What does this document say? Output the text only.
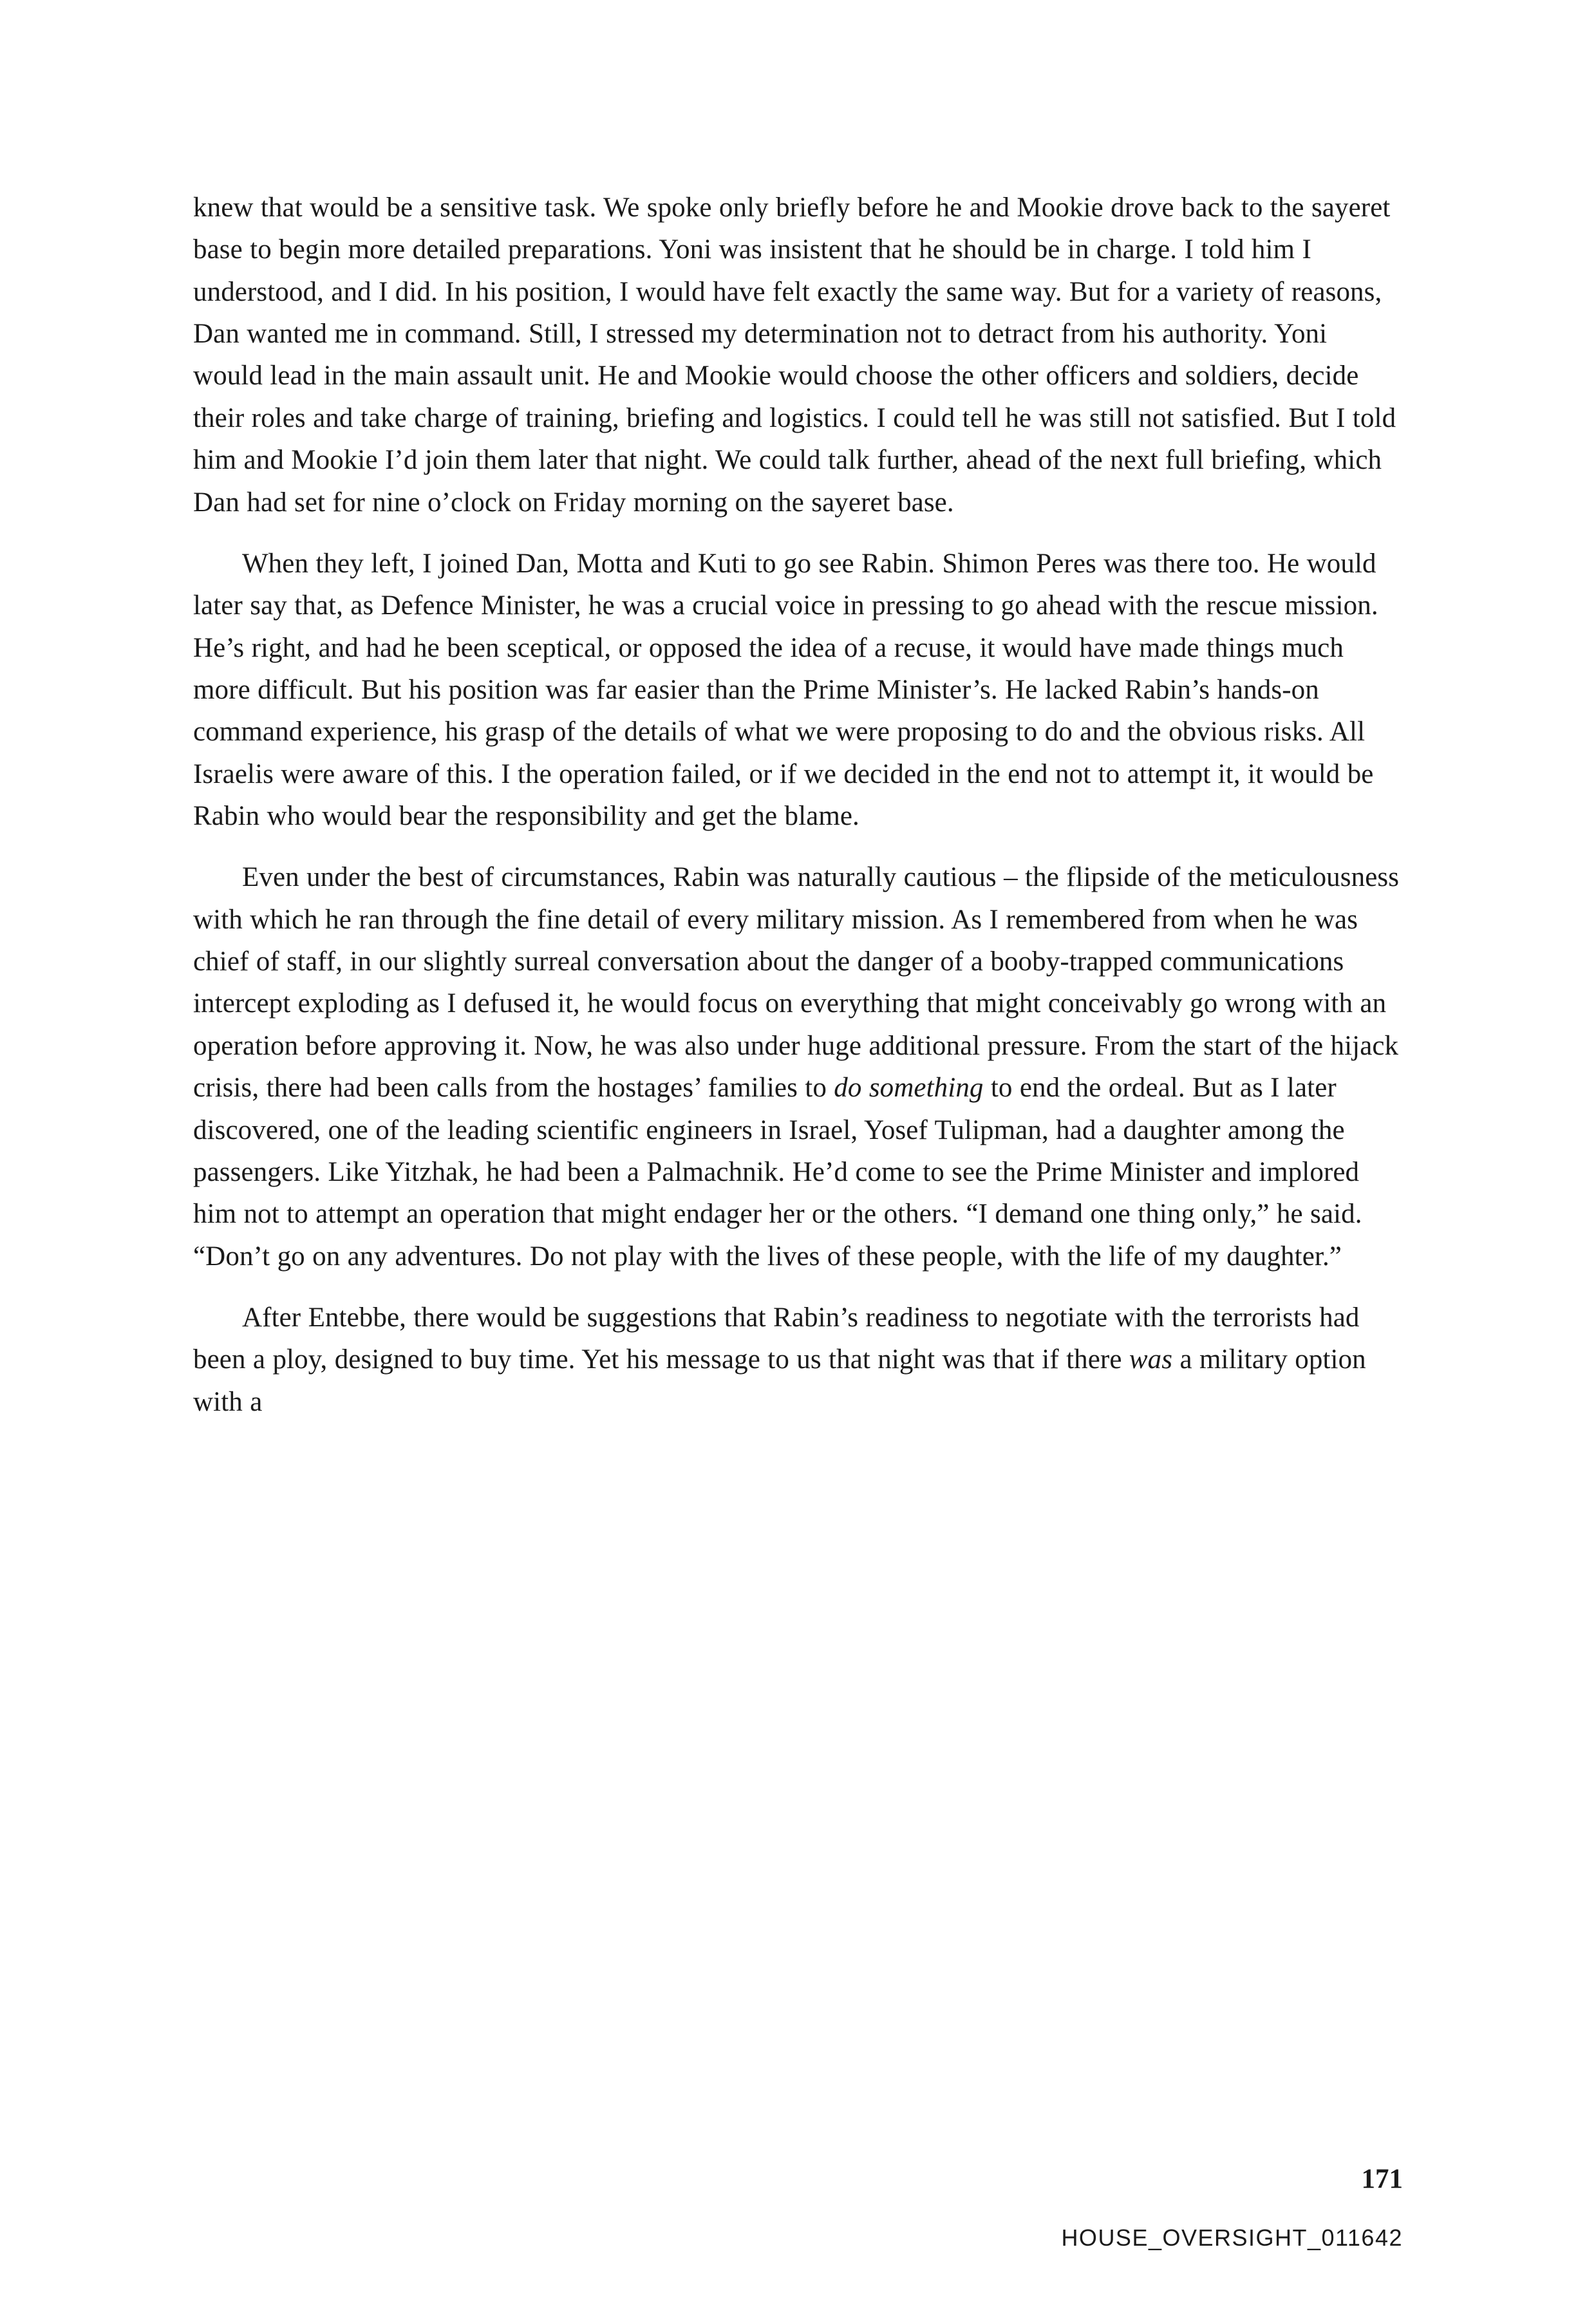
knew that would be a sensitive task. We spoke only briefly before he and Mookie drove back to the sayeret base to begin more detailed preparations. Yoni was insistent that he should be in charge. I told him I understood, and I did. In his position, I would have felt exactly the same way. But for a variety of reasons, Dan wanted me in command. Still, I stressed my determination not to detract from his authority. Yoni would lead in the main assault unit. He and Mookie would choose the other officers and soldiers, decide their roles and take charge of training, briefing and logistics. I could tell he was still not satisfied. But I told him and Mookie I’d join them later that night. We could talk further, ahead of the next full briefing, which Dan had set for nine o’clock on Friday morning on the sayeret base.

When they left, I joined Dan, Motta and Kuti to go see Rabin. Shimon Peres was there too. He would later say that, as Defence Minister, he was a crucial voice in pressing to go ahead with the rescue mission. He’s right, and had he been sceptical, or opposed the idea of a recuse, it would have made things much more difficult. But his position was far easier than the Prime Minister’s. He lacked Rabin’s hands-on command experience, his grasp of the details of what we were proposing to do and the obvious risks. All Israelis were aware of this. I the operation failed, or if we decided in the end not to attempt it, it would be Rabin who would bear the responsibility and get the blame.

Even under the best of circumstances, Rabin was naturally cautious – the flipside of the meticulousness with which he ran through the fine detail of every military mission. As I remembered from when he was chief of staff, in our slightly surreal conversation about the danger of a booby-trapped communications intercept exploding as I defused it, he would focus on everything that might conceivably go wrong with an operation before approving it. Now, he was also under huge additional pressure. From the start of the hijack crisis, there had been calls from the hostages’ families to do something to end the ordeal. But as I later discovered, one of the leading scientific engineers in Israel, Yosef Tulipman, had a daughter among the passengers. Like Yitzhak, he had been a Palmachnik. He’d come to see the Prime Minister and implored him not to attempt an operation that might endager her or the others. “I demand one thing only,” he said. “Don’t go on any adventures. Do not play with the lives of these people, with the life of my daughter.”

After Entebbe, there would be suggestions that Rabin’s readiness to negotiate with the terrorists had been a ploy, designed to buy time. Yet his message to us that night was that if there was a military option with a

171
HOUSE_OVERSIGHT_011642
